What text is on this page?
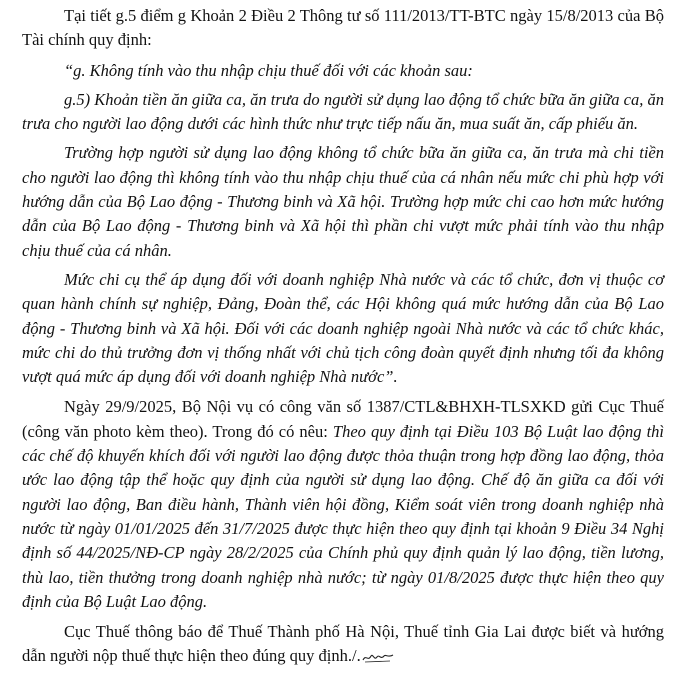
Tại tiết g.5 điểm g Khoản 2 Điều 2 Thông tư số 111/2013/TT-BTC ngày 15/8/2013 của Bộ Tài chính quy định:

“g. Không tính vào thu nhập chịu thuế đối với các khoản sau:

g.5) Khoản tiền ăn giữa ca, ăn trưa do người sử dụng lao động tổ chức bữa ăn giữa ca, ăn trưa cho người lao động dưới các hình thức như trực tiếp nấu ăn, mua suất ăn, cấp phiếu ăn.

Trường hợp người sử dụng lao động không tổ chức bữa ăn giữa ca, ăn trưa mà chi tiền cho người lao động thì không tính vào thu nhập chịu thuế của cá nhân nếu mức chi phù hợp với hướng dẫn của Bộ Lao động - Thương binh và Xã hội. Trường hợp mức chi cao hơn mức hướng dẫn của Bộ Lao động - Thương binh và Xã hội thì phần chi vượt mức phải tính vào thu nhập chịu thuế của cá nhân.

Mức chi cụ thể áp dụng đối với doanh nghiệp Nhà nước và các tổ chức, đơn vị thuộc cơ quan hành chính sự nghiệp, Đảng, Đoàn thể, các Hội không quá mức hướng dẫn của Bộ Lao động - Thương binh và Xã hội. Đối với các doanh nghiệp ngoài Nhà nước và các tổ chức khác, mức chi do thủ trưởng đơn vị thống nhất với chủ tịch công đoàn quyết định nhưng tối đa không vượt quá mức áp dụng đối với doanh nghiệp Nhà nước”.

Ngày 29/9/2025, Bộ Nội vụ có công văn số 1387/CTL&BHXH-TLSXKD gửi Cục Thuế (công văn photo kèm theo). Trong đó có nêu: Theo quy định tại Điều 103 Bộ Luật lao động thì các chế độ khuyến khích đối với người lao động được thỏa thuận trong hợp đồng lao động, thỏa ước lao động tập thể hoặc quy định của người sử dụng lao động. Chế độ ăn giữa ca đối với người lao động, Ban điều hành, Thành viên hội đồng, Kiểm soát viên trong doanh nghiệp nhà nước từ ngày 01/01/2025 đến 31/7/2025 được thực hiện theo quy định tại khoản 9 Điều 34 Nghị định số 44/2025/NĐ-CP ngày 28/2/2025 của Chính phủ quy định quản lý lao động, tiền lương, thù lao, tiền thưởng trong doanh nghiệp nhà nước; từ ngày 01/8/2025 được thực hiện theo quy định của Bộ Luật Lao động.

Cục Thuế thông báo để Thuế Thành phố Hà Nội, Thuế tỉnh Gia Lai được biết và hướng dẫn người nộp thuế thực hiện theo đúng quy định./.
